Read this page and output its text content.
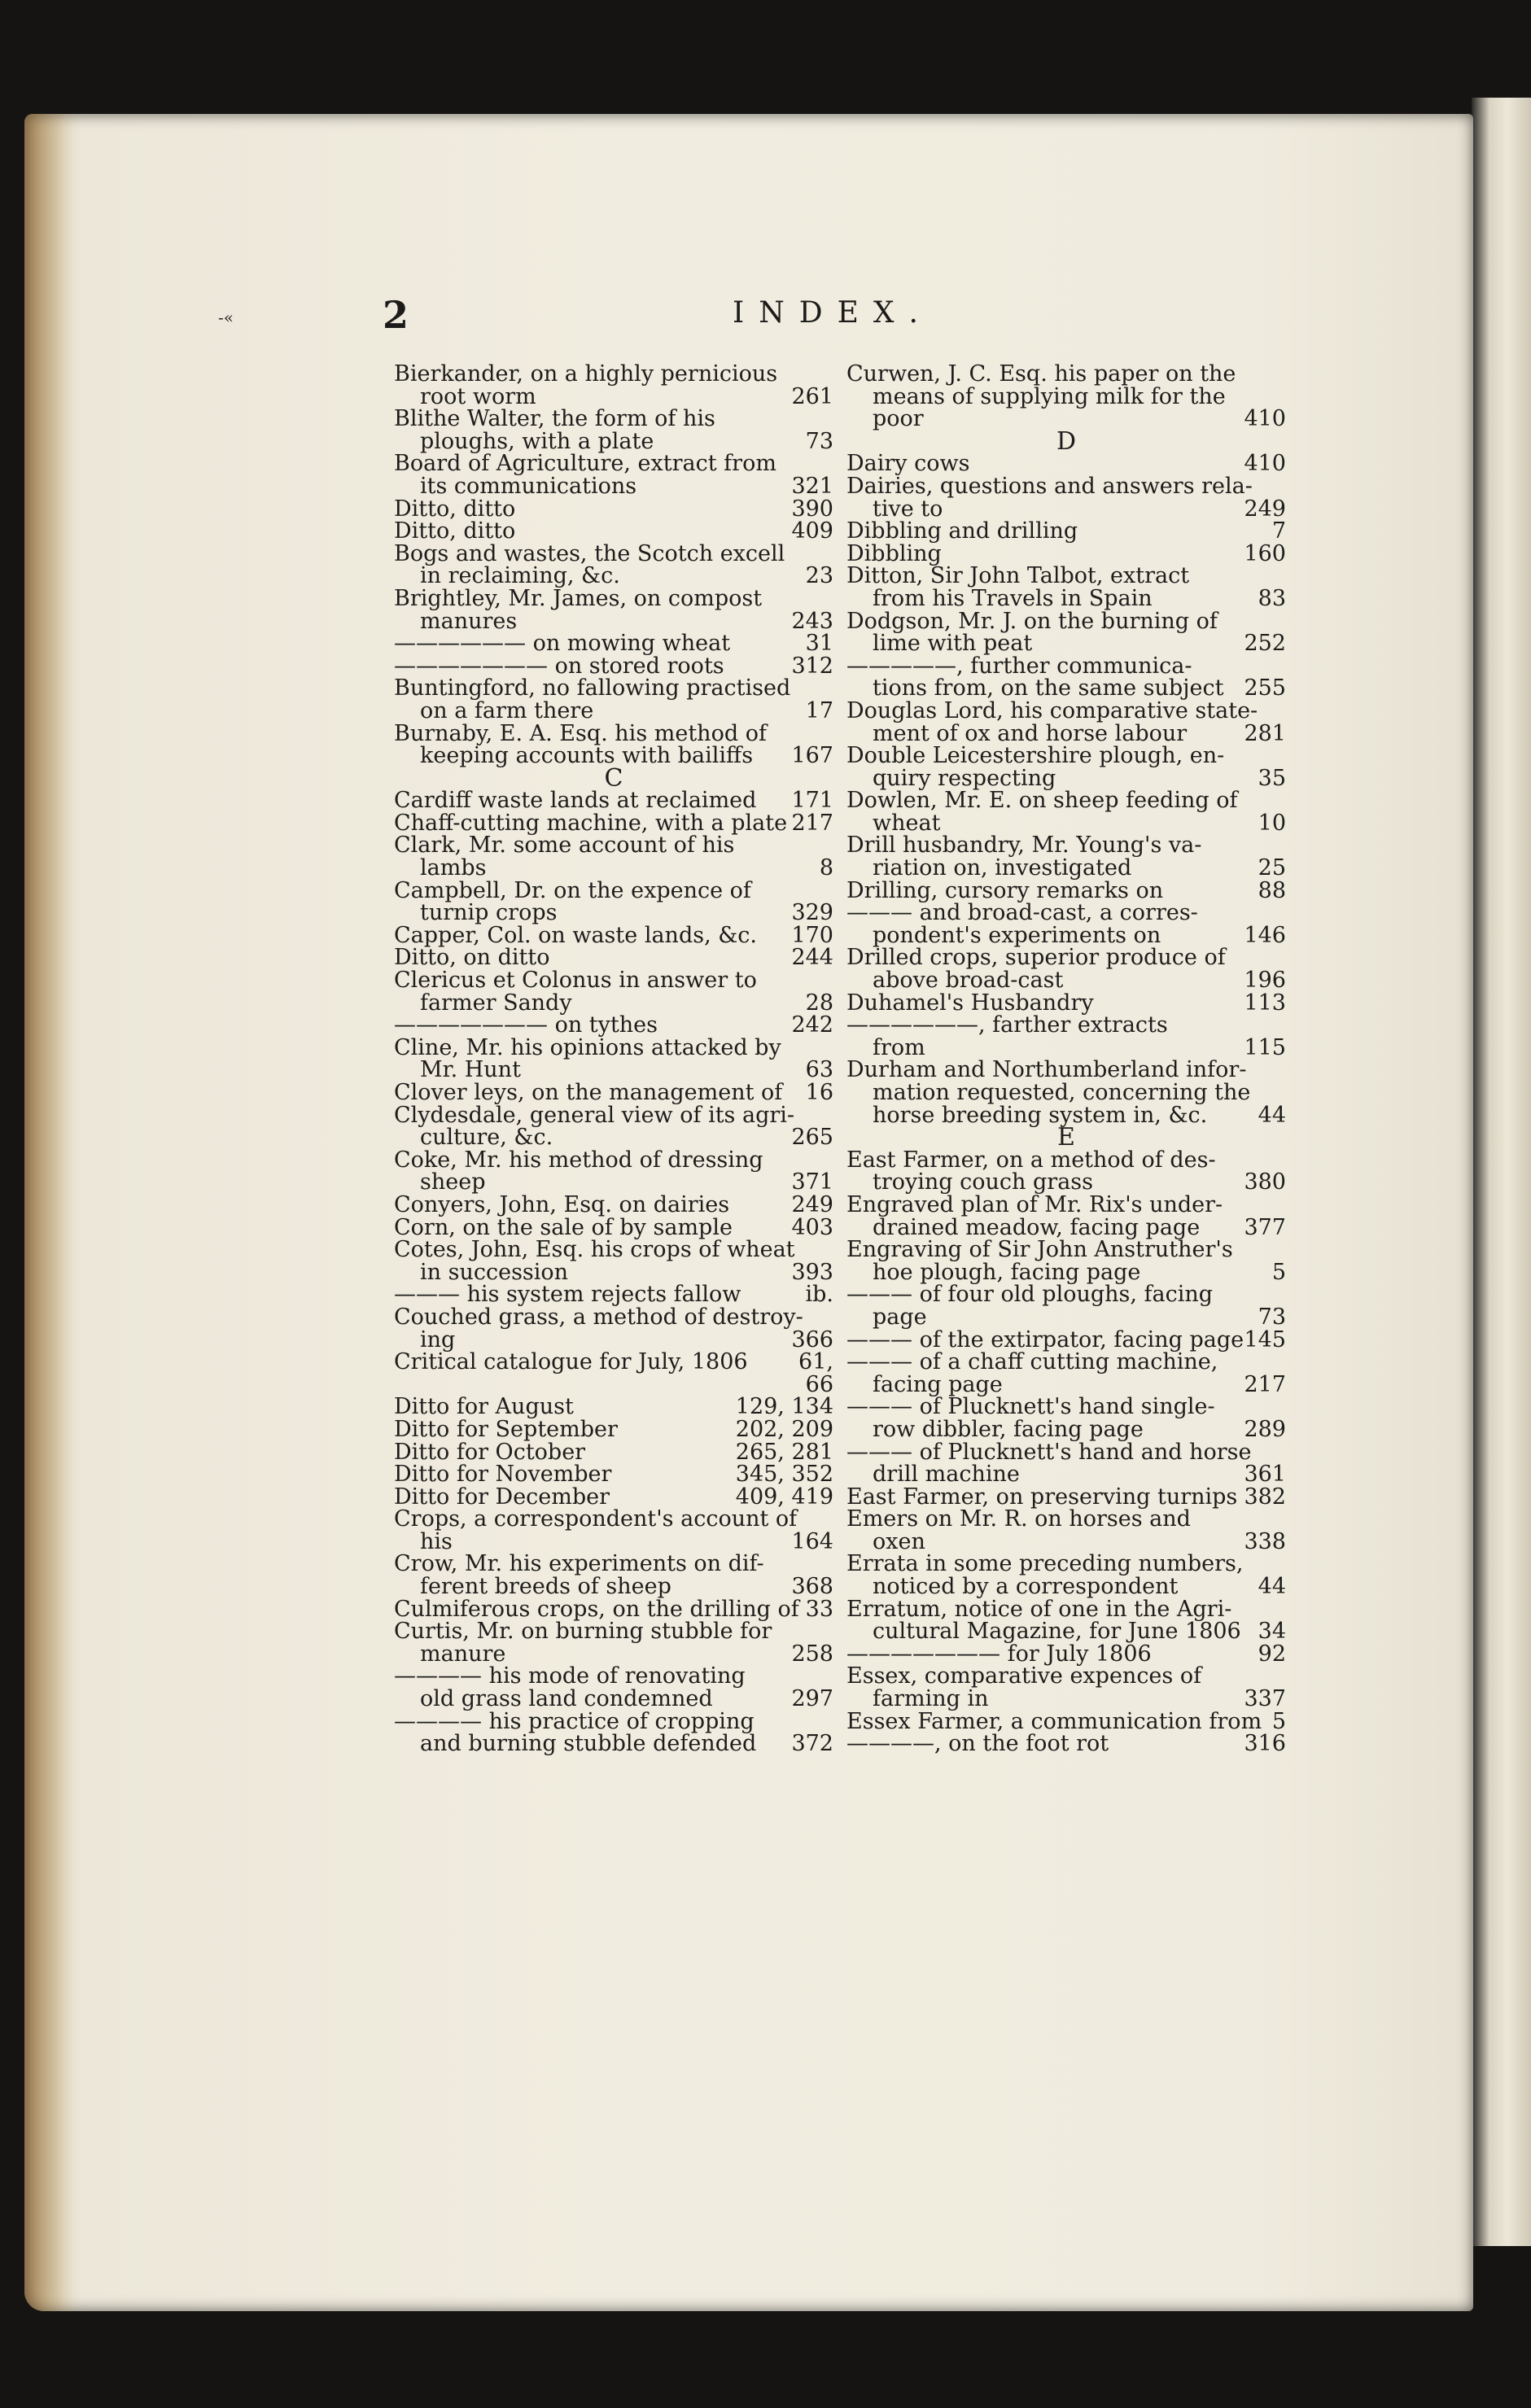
-«	2	INDEX.
Bierkander, on a highly pernicious
root worm	261
Blithe Walter, the form of his
ploughs, with a plate	73
Board of Agriculture, extract from
its communications	321
Ditto, ditto	390
Ditto, ditto	409
Bogs and wastes, the Scotch excell
in reclaiming, &c.	23
Brightley, Mr. James, on compost
manures	243
—————— on mowing wheat	31
——————— on stored roots	312
Buntingford, no fallowing practised
on a farm there	17
Burnaby, E. A. Esq. his method of
keeping accounts with bailiffs 167
C
Cardiff waste lands at reclaimed 171
Chaff-cutting machine, with a plate 217
Clark, Mr. some account of his
lambs	8
Campbell, Dr. on the expence of
turnip crops	329
Capper, Col. on waste lands, &c. 170
Ditto, on ditto	244
Clericus et Colonus in answer to
farmer Sandy	28
——————— on tythes	242
Cline, Mr. his opinions attacked by
Mr. Hunt	63
Clover leys, on the management of 16
Clydesdale, general view of its agri-
culture, &c.	265
Coke, Mr. his method of dressing
sheep	371
Conyers, John, Esq. on dairies	249
Corn, on the sale of by sample	403
Cotes, John, Esq. his crops of wheat
in succession	393
——— his system rejects fallow	ib.
Couched grass, a method of destroy-
ing	366
Critical catalogue for July, 1806 61,
66
Ditto for August	129, 134
Ditto for September	202, 209
Ditto for October	265, 281
Ditto for November	345, 352
Ditto for December	409, 419
Crops, a correspondent's account of
his	164
Crow, Mr. his experiments on dif-
ferent breeds of sheep	368
Culmiferous crops, on the drilling of 33
Curtis, Mr. on burning stubble for
manure	258
———— his mode of renovating
old grass land condemned	297
———— his practice of cropping
and burning stubble defended 372
Curwen, J. C. Esq. his paper on the
means of supplying milk for the
poor	410
D
Dairy cows	410
Dairies, questions and answers rela-
tive to	249
Dibbling and drilling	7
Dibbling	160
Ditton, Sir John Talbot, extract
from his Travels in Spain	83
Dodgson, Mr. J. on the burning of
lime with peat	252
—————, further communica-
tions from, on the same subject 255
Douglas Lord, his comparative state-
ment of ox and horse labour	281
Double Leicestershire plough, en-
quiry respecting	35
Dowlen, Mr. E. on sheep feeding of
wheat	10
Drill husbandry, Mr. Young's va-
riation on, investigated	25
Drilling, cursory remarks on	88
——— and broad-cast, a corres-
pondent's experiments on	146
Drilled crops, superior produce of
above broad-cast	196
Duhamel's Husbandry	113
——————, farther extracts
from	115
Durham and Northumberland infor-
mation requested, concerning the
horse breeding system in, &c. 44
E
East Farmer, on a method of des-
troying couch grass	380
Engraved plan of Mr. Rix's under-
drained meadow, facing page 377
Engraving of Sir John Anstruther's
hoe plough, facing page	5
——— of four old ploughs, facing
page	73
——— of the extirpator, facing page 145
——— of a chaff cutting machine,
facing page	217
——— of Plucknett's hand single-
row dibbler, facing page	289
——— of Plucknett's hand and horse
drill machine	361
East Farmer, on preserving turnips 382
Emers on Mr. R. on horses and
oxen	338
Errata in some preceding numbers,
noticed by a correspondent	44
Erratum, notice of one in the Agri-
cultural Magazine, for June 1806 34
——————— for July 1806	92
Essex, comparative expences of
farming in	337
Essex Farmer, a communication from 5
————, on the foot rot	316
